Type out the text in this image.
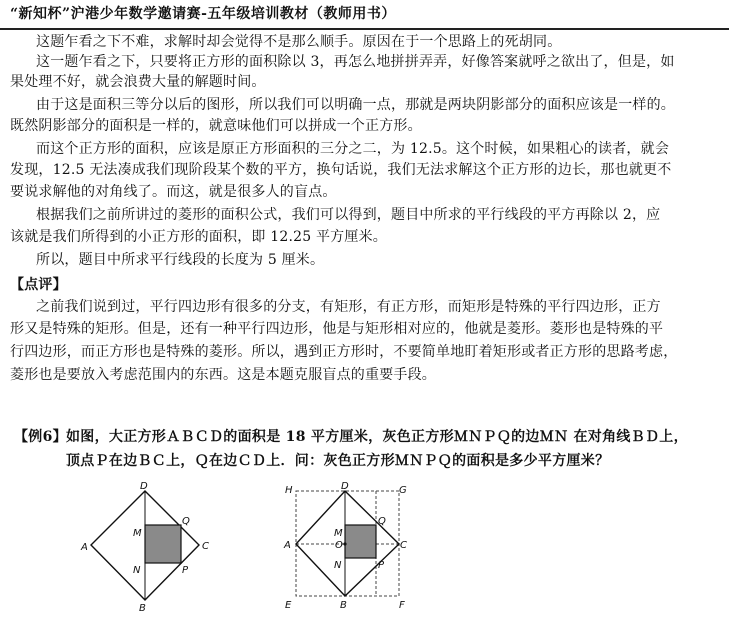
“新知杯”沪港少年数学邀请赛-五年级培训教材（教师用书）
这题乍看之下不难，求解时却会觉得不是那么顺手。原因在于一个思路上的死胡同。
这一题乍看之下，只要将正方形的面积除以 3，再怎么地拼拼弄弄，好像答案就呼之欲出了，但是，如
果处理不好，就会浪费大量的解题时间。
由于这是面积三等分以后的图形，所以我们可以明确一点，那就是两块阴影部分的面积应该是一样的。
既然阴影部分的面积是一样的，就意味他们可以拼成一个正方形。
而这个正方形的面积，应该是原正方形面积的三分之二，为 12.5。这个时候，如果粗心的读者，就会
发现，12.5 无法凑成我们现阶段某个数的平方，换句话说，我们无法求解这个正方形的边长，那也就更不
要说求解他的对角线了。而这，就是很多人的盲点。
根据我们之前所讲过的菱形的面积公式，我们可以得到，题目中所求的平行线段的平方再除以 2，应
该就是我们所得到的小正方形的面积，即 12.25 平方厘米。
所以，题目中所求平行线段的长度为 5 厘米。
【点评】
之前我们说到过，平行四边形有很多的分支，有矩形，有正方形，而矩形是特殊的平行四边形，正方
形又是特殊的矩形。但是，还有一种平行四边形，他是与矩形相对应的，他就是菱形。菱形也是特殊的平
行四边形，而正方形也是特殊的菱形。所以，遇到正方形时，不要简单地盯着矩形或者正方形的思路考虑，
菱形也是要放入考虑范围内的东西。这是本题克服盲点的重要手段。
【例6】 如图，大正方形ＡＢＣＤ的面积是 18 平方厘米，灰色正方形ＭＮＰＱ的边ＭＮ 在对角线ＢＤ上，
顶点Ｐ在边ＢＣ上，Ｑ在边ＣＤ上．问：灰色正方形ＭＮＰＱ的面积是多少平方厘米？
D
A	C
B
M
N
Q
P
H	D	G
A	C
E	B	F
M
O
N
Q
P
